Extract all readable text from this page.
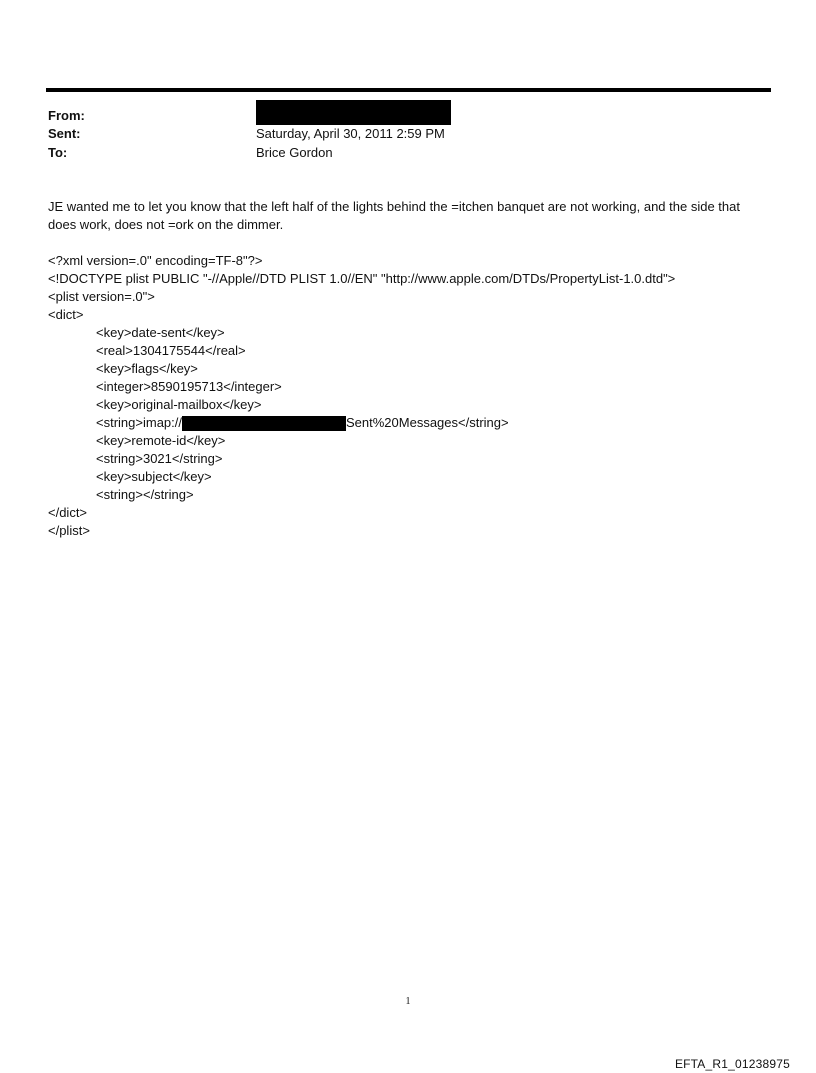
From:
Sent:	Saturday, April 30, 2011 2:59 PM
To:	Brice Gordon
JE wanted me to let you know that the left half of the lights behind the =itchen banquet are not working, and the side that does work, does not =ork on the dimmer.
<?xml version=.0" encoding=TF-8"?>
<!DOCTYPE plist PUBLIC "-//Apple//DTD PLIST 1.0//EN" "http://www.apple.com/DTDs/PropertyList-1.0.dtd">
<plist version=.0">
<dict>
<key>date-sent</key>
<real>1304175544</real>
<key>flags</key>
<integer>8590195713</integer>
<key>original-mailbox</key>
<string>imap://	Sent%20Messages</string>
<key>remote-id</key>
<string>3021</string>
<key>subject</key>
<string></string>
</dict>
</plist>
1
EFTA_R1_01238975
